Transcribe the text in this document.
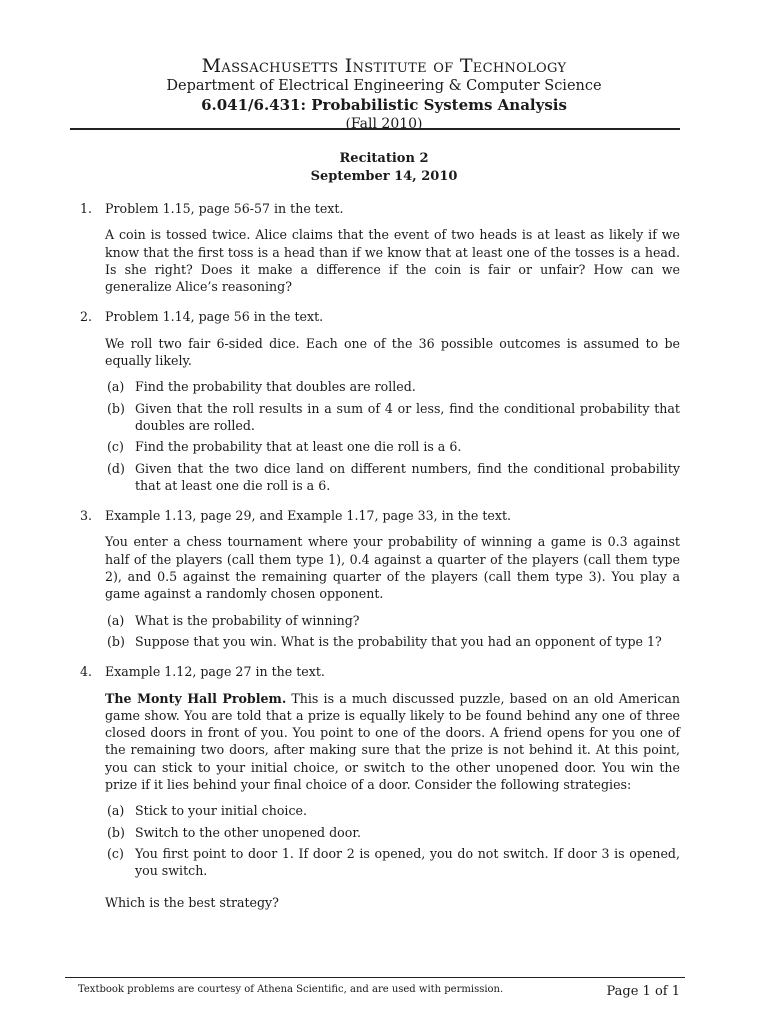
Massachusetts Institute of Technology
Department of Electrical Engineering & Computer Science
6.041/6.431: Probabilistic Systems Analysis
(Fall 2010)
Recitation 2
September 14, 2010
1. Problem 1.15, page 56-57 in the text.
A coin is tossed twice. Alice claims that the event of two heads is at least as likely if we know that the first toss is a head than if we know that at least one of the tosses is a head. Is she right? Does it make a difference if the coin is fair or unfair? How can we generalize Alice’s reasoning?
2. Problem 1.14, page 56 in the text.
We roll two fair 6-sided dice. Each one of the 36 possible outcomes is assumed to be equally likely.
(a) Find the probability that doubles are rolled.
(b) Given that the roll results in a sum of 4 or less, find the conditional probability that doubles are rolled.
(c) Find the probability that at least one die roll is a 6.
(d) Given that the two dice land on different numbers, find the conditional probability that at least one die roll is a 6.
3. Example 1.13, page 29, and Example 1.17, page 33, in the text.
You enter a chess tournament where your probability of winning a game is 0.3 against half of the players (call them type 1), 0.4 against a quarter of the players (call them type 2), and 0.5 against the remaining quarter of the players (call them type 3). You play a game against a randomly chosen opponent.
(a) What is the probability of winning?
(b) Suppose that you win. What is the probability that you had an opponent of type 1?
4. Example 1.12, page 27 in the text.
The Monty Hall Problem. This is a much discussed puzzle, based on an old American game show. You are told that a prize is equally likely to be found behind any one of three closed doors in front of you. You point to one of the doors. A friend opens for you one of the remaining two doors, after making sure that the prize is not behind it. At this point, you can stick to your initial choice, or switch to the other unopened door. You win the prize if it lies behind your final choice of a door. Consider the following strategies:
(a) Stick to your initial choice.
(b) Switch to the other unopened door.
(c) You first point to door 1. If door 2 is opened, you do not switch. If door 3 is opened, you switch.
Which is the best strategy?
Textbook problems are courtesy of Athena Scientific, and are used with permission.	Page 1 of 1
